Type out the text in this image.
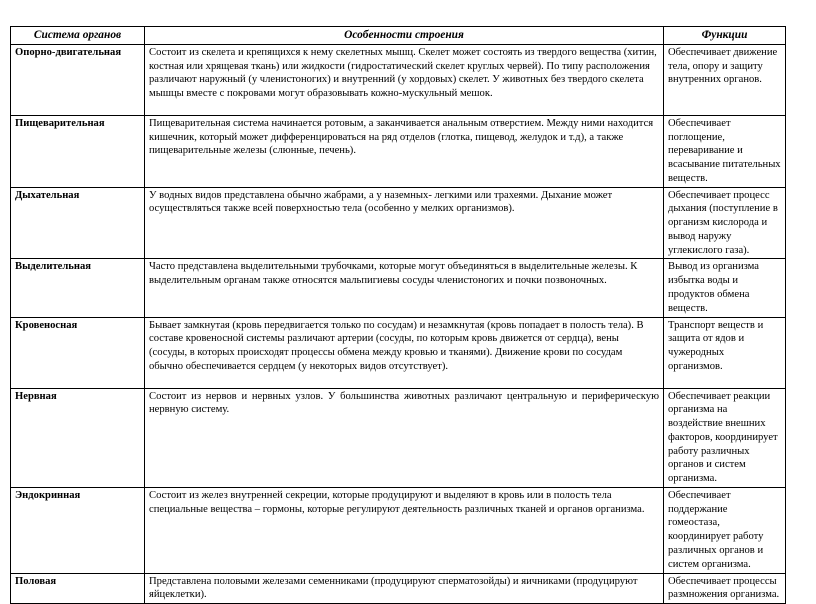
Система органов	Особенности строения	Функции
Опорно-двигательная	Состоит из скелета и крепящихся к нему скелетных мышц. Скелет может состоять из твердого вещества (хитин, костная или хрящевая ткань) или жидкости (гидростатический скелет круглых червей). По типу расположения различают наружный (у членистоногих) и внутренний (у хордовых) скелет. У животных без твердого скелета мышцы вместе с покровами могут образовывать кожно-мускульный мешок.	Обеспечивает движение тела, опору и защиту внутренних органов.
Пищеварительная	Пищеварительная система начинается ротовым, а заканчивается анальным отверстием. Между ними находится кишечник, который может дифференцироваться на ряд отделов (глотка, пищевод, желудок и т.д), а также пищеварительные железы (слюнные, печень).	Обеспечивает поглощение, переваривание и всасывание питательных веществ.
Дыхательная	У водных видов представлена обычно жабрами, а у наземных- легкими или трахеями. Дыхание может осуществляться также всей поверхностью тела (особенно у мелких организмов).	Обеспечивает процесс дыхания (поступление в организм кислорода и вывод наружу углекислого газа).
Выделительная	Часто представлена выделительными трубочками, которые могут объединяться в выделительные железы. К выделительным органам также относятся мальпигиевы сосуды членистоногих и почки позвоночных.	Вывод из организма избытка воды и продуктов обмена веществ.
Кровеносная	Бывает замкнутая (кровь передвигается только по сосудам) и незамкнутая (кровь попадает в полость тела). В составе кровеносной системы различают артерии (сосуды, по которым кровь движется от сердца), вены (сосуды, в которых происходят процессы обмена между кровью и тканями). Движение крови по сосудам обычно обеспечивается сердцем (у некоторых видов отсутствует).	Транспорт веществ и защита от ядов и чужеродных организмов.
Нервная	Состоит из нервов и нервных узлов. У большинства животных различают центральную и периферическую нервную систему.	Обеспечивает реакции организма на воздействие внешних факторов, координирует работу различных органов и систем организма.
Эндокринная	Состоит из желез внутренней секреции, которые продуцируют и выделяют в кровь или в полость тела специальные вещества – гормоны, которые регулируют деятельность различных тканей и органов организма.	Обеспечивает поддержание гомеостаза, координирует работу различных органов и систем организма.
Половая	Представлена половыми железами семенниками (продуцируют сперматозойды) и яичниками (продуцируют яйцеклетки).	Обеспечивает процессы размножения организма.
